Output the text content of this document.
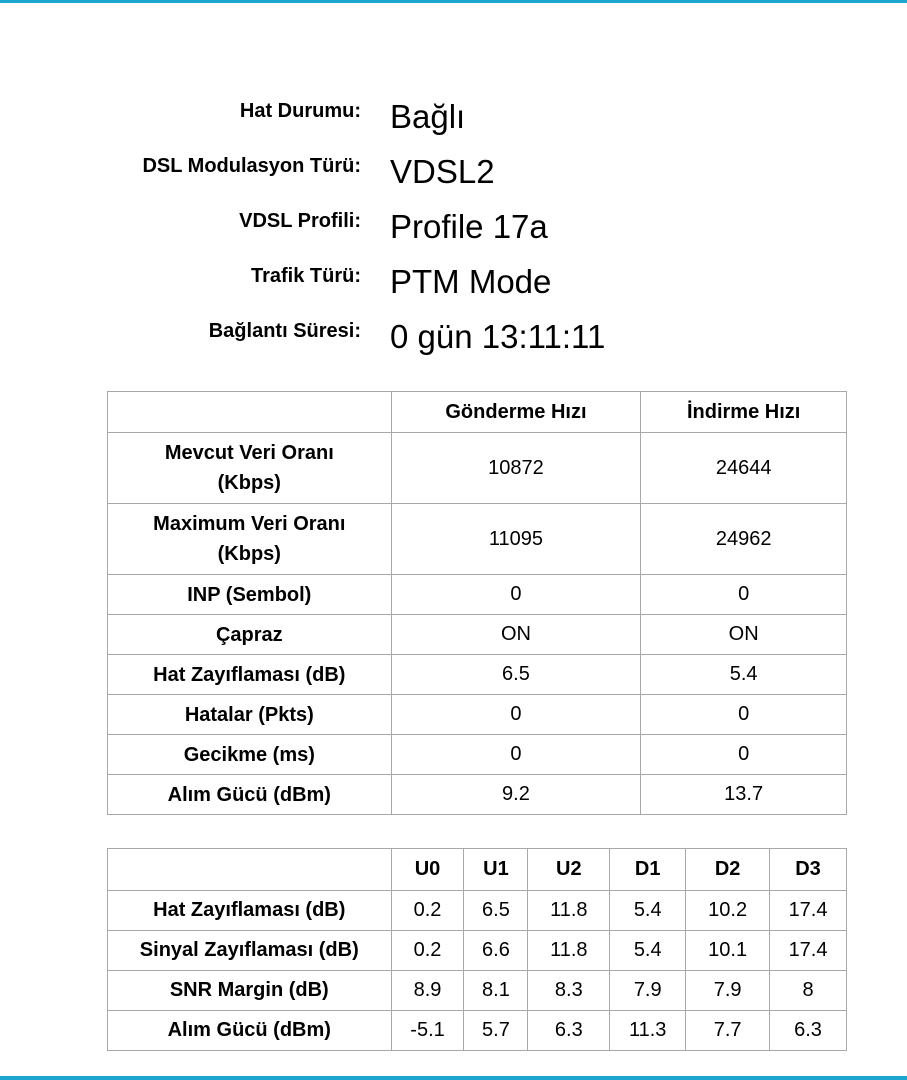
Hat Durumu: Bağlı
DSL Modulasyon Türü: VDSL2
VDSL Profili: Profile 17a
Trafik Türü: PTM Mode
Bağlantı Süresi: 0 gün 13:11:11
	Gönderme Hızı	İndirme Hızı
Mevcut Veri Oranı
(Kbps)	10872	24644
Maximum Veri Oranı
(Kbps)	11095	24962
INP (Sembol)	0	0
Çapraz	ON	ON
Hat Zayıflaması (dB)	6.5	5.4
Hatalar (Pkts)	0	0
Gecikme (ms)	0	0
Alım Gücü (dBm)	9.2	13.7
	U0	U1	U2	D1	D2	D3
Hat Zayıflaması (dB)	0.2	6.5	11.8	5.4	10.2	17.4
Sinyal Zayıflaması (dB)	0.2	6.6	11.8	5.4	10.1	17.4
SNR Margin (dB)	8.9	8.1	8.3	7.9	7.9	8
Alım Gücü (dBm)	-5.1	5.7	6.3	11.3	7.7	6.3
